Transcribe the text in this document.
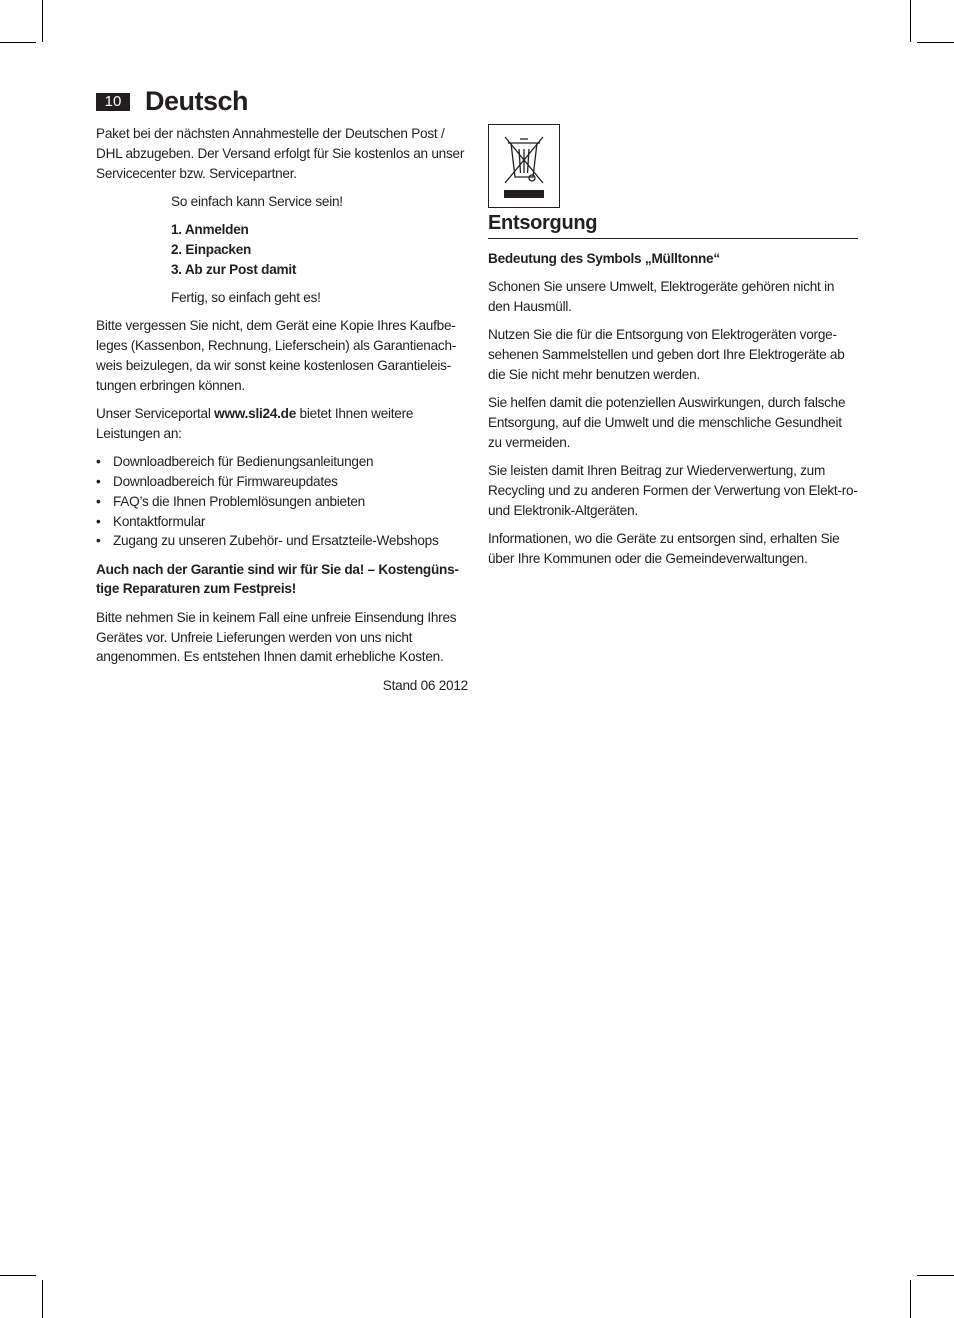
10 Deutsch

Paket bei der nächsten Annahmestelle der Deutschen Post / DHL abzugeben. Der Versand erfolgt für Sie kostenlos an unser Servicecenter bzw. Servicepartner.

So einfach kann Service sein!

1. Anmelden
2. Einpacken
3. Ab zur Post damit

Fertig, so einfach geht es!

Bitte vergessen Sie nicht, dem Gerät eine Kopie Ihres Kaufbe-leges (Kassenbon, Rechnung, Lieferschein) als Garantienach-weis beizulegen, da wir sonst keine kostenlosen Garantieleis-tungen erbringen können.

Unser Serviceportal www.sli24.de bietet Ihnen weitere Leistungen an:

• Downloadbereich für Bedienungsanleitungen
• Downloadbereich für Firmwareupdates
• FAQ’s die Ihnen Problemlösungen anbieten
• Kontaktformular
• Zugang zu unseren Zubehör- und Ersatzteile-Webshops

Auch nach der Garantie sind wir für Sie da! – Kostengüns-tige Reparaturen zum Festpreis!

Bitte nehmen Sie in keinem Fall eine unfreie Einsendung Ihres Gerätes vor. Unfreie Lieferungen werden von uns nicht angenommen. Es entstehen Ihnen damit erhebliche Kosten.

Stand 06 2012

Entsorgung

Bedeutung des Symbols „Mülltonne“

Schonen Sie unsere Umwelt, Elektrogeräte gehören nicht in den Hausmüll.

Nutzen Sie die für die Entsorgung von Elektrogeräten vorge-sehenen Sammelstellen und geben dort Ihre Elektrogeräte ab die Sie nicht mehr benutzen werden.

Sie helfen damit die potenziellen Auswirkungen, durch falsche Entsorgung, auf die Umwelt und die menschliche Gesundheit zu vermeiden.

Sie leisten damit Ihren Beitrag zur Wiederverwertung, zum Recycling und zu anderen Formen der Verwertung von Elekt-ro- und Elektronik-Altgeräten.

Informationen, wo die Geräte zu entsorgen sind, erhalten Sie über Ihre Kommunen oder die Gemeindeverwaltungen.
